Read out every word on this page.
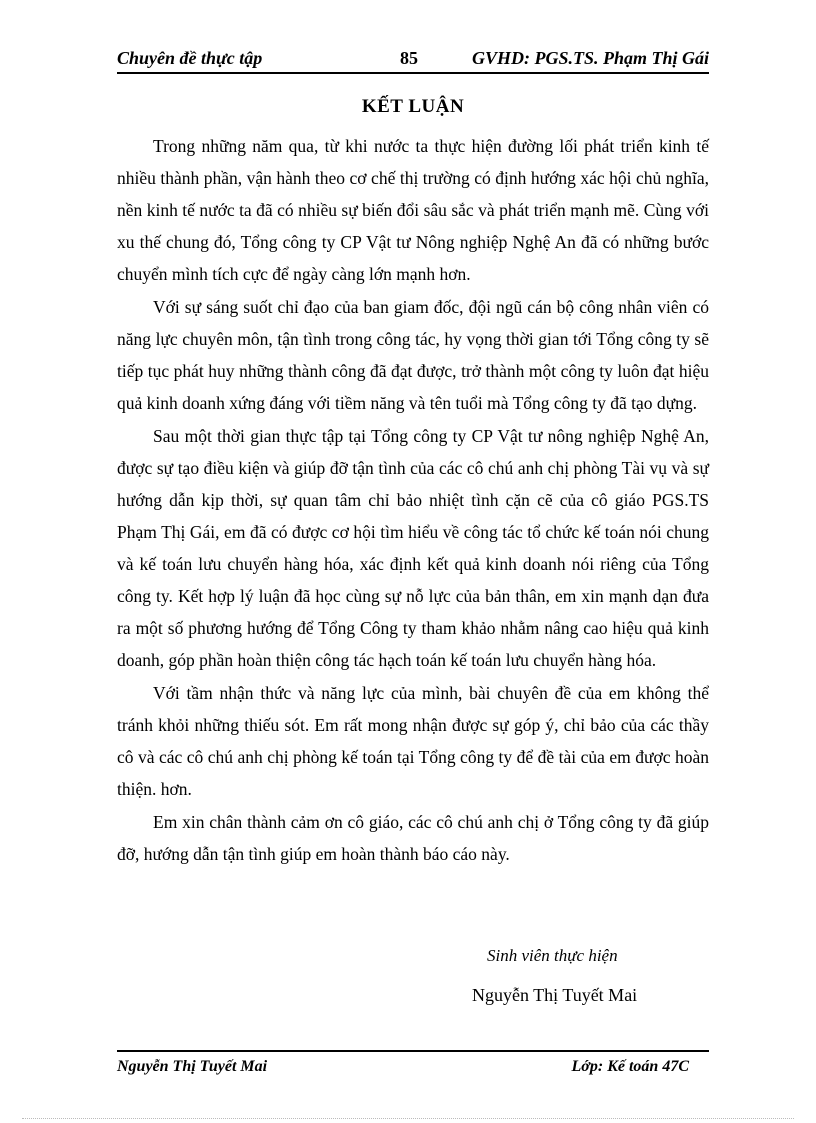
Chuyên đề thực tập	85	GVHD: PGS.TS. Phạm Thị Gái
KẾT LUẬN

Trong những năm qua, từ khi nước ta thực hiện đường lối phát triển kinh tế nhiều thành phần, vận hành theo cơ chế thị trường có định hướng xác hội chủ nghĩa, nền kinh tế nước ta đã có nhiều sự biến đổi sâu sắc và phát triển mạnh mẽ. Cùng với xu thế chung đó, Tổng công ty CP Vật tư Nông nghiệp Nghệ An đã có những bước chuyển mình tích cực để ngày càng lớn mạnh hơn.

Với sự sáng suốt chỉ đạo của ban giam đốc, đội ngũ cán bộ công nhân viên có năng lực chuyên môn, tận tình trong công tác, hy vọng thời gian tới Tổng công ty sẽ tiếp tục phát huy những thành công đã đạt được, trở thành một công ty luôn đạt hiệu quả kinh doanh xứng đáng với tiềm năng và tên tuổi mà Tổng công ty đã tạo dựng.

Sau một thời gian thực tập tại Tổng công ty CP Vật tư nông nghiệp Nghệ An, được sự tạo điều kiện và giúp đỡ tận tình của các cô chú anh chị phòng Tài vụ và sự hướng dẫn kịp thời, sự quan tâm chỉ bảo nhiệt tình cặn cẽ của cô giáo PGS.TS Phạm Thị Gái, em đã có được cơ hội tìm hiểu về công tác tổ chức kế toán nói chung và kế toán lưu chuyển hàng hóa, xác định kết quả kinh doanh nói riêng của Tổng công ty. Kết hợp lý luận đã học cùng sự nỗ lực của bản thân, em xin mạnh dạn đưa ra một số phương hướng để Tổng Công ty tham khảo nhằm nâng cao hiệu quả kinh doanh, góp phần hoàn thiện công tác hạch toán kế toán lưu chuyển hàng hóa.

Với tầm nhận thức và năng lực của mình, bài chuyên đề của em không thể tránh khỏi những thiếu sót. Em rất mong nhận được sự góp ý, chỉ bảo của các thầy cô và các cô chú anh chị phòng kế toán tại Tổng công ty để đề tài của em được hoàn thiện. hơn.

Em xin chân thành cảm ơn cô giáo, các cô chú anh chị ở Tổng công ty đã giúp đỡ, hướng dẫn tận tình giúp em hoàn thành báo cáo này.

Sinh viên thực hiện
Nguyễn Thị Tuyết Mai
Nguyễn Thị Tuyết Mai	Lớp: Kế toán 47C
